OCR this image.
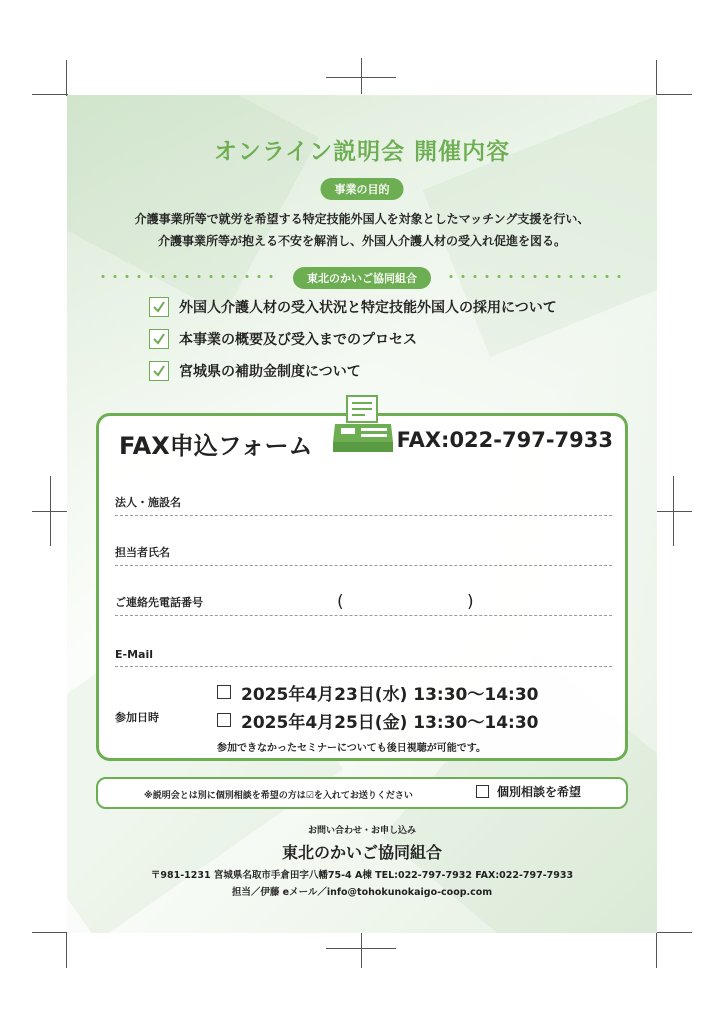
オンライン説明会 開催内容
事業の目的
介護事業所等で就労を希望する特定技能外国人を対象としたマッチング支援を行い、
介護事業所等が抱える不安を解消し、外国人介護人材の受入れ促進を図る。
東北のかいご協同組合
外国人介護人材の受入状況と特定技能外国人の採用について
本事業の概要及び受入までのプロセス
宮城県の補助金制度について
FAX申込フォーム	FAX:022-797-7933
法人・施設名
担当者氏名
ご連絡先電話番号	(	)
E-Mail
参加日時
2025年4月23日(水) 13:30〜14:30
2025年4月25日(金) 13:30〜14:30
参加できなかったセミナーについても後日視聴が可能です。
※説明会とは別に個別相談を希望の方は☑を入れてお送りください	個別相談を希望
お問い合わせ・お申し込み
東北のかいご協同組合
〒981-1231 宮城県名取市手倉田字八幡75-4 A棟 TEL:022-797-7932 FAX:022-797-7933
担当／伊藤 eメール／info@tohokunokaigo-coop.com
